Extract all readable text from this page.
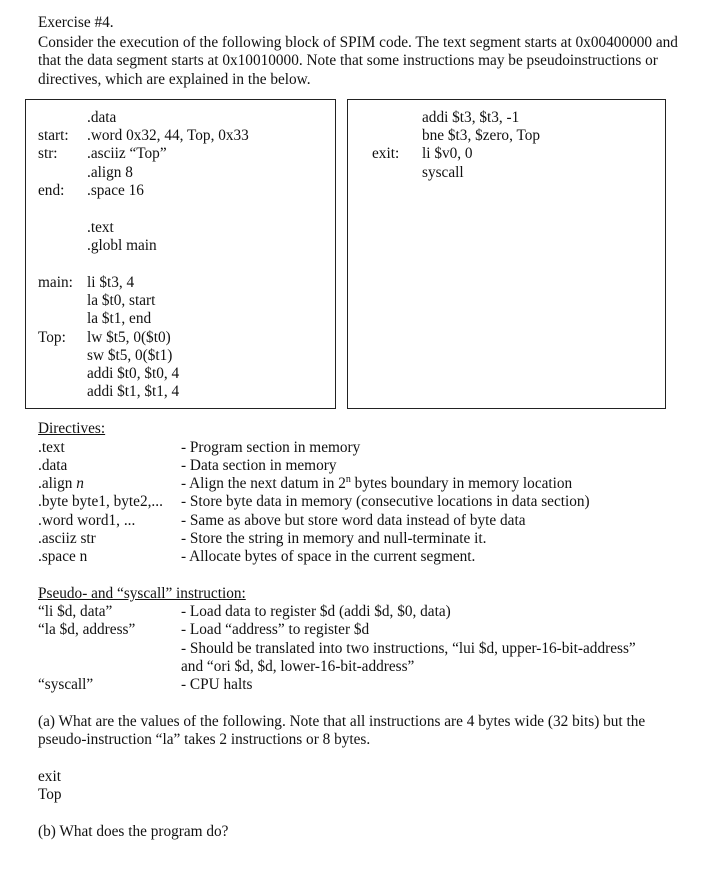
Exercise #4.
Consider the execution of the following block of SPIM code. The text segment starts at 0x00400000 and that the data segment starts at 0x10010000. Note that some instructions may be pseudoinstructions or directives, which are explained in the below.
.data
start: .word 0x32, 44, Top, 0x33
str: .asciiz “Top”
.align 8
end: .space 16
.text
.globl main
main: li $t3, 4
la $t0, start
la $t1, end
Top: lw $t5, 0($t0)
sw $t5, 0($t1)
addi $t0, $t0, 4
addi $t1, $t1, 4
addi $t3, $t3, -1
bne $t3, $zero, Top
exit: li $v0, 0
syscall
Directives:
.text	- Program section in memory
.data	- Data section in memory
.align n	- Align the next datum in 2$^n$ bytes boundary in memory location
.byte byte1, byte2,... - Store byte data in memory (consecutive locations in data section)
.word word1, ...	- Same as above but store word data instead of byte data
.asciiz str	- Store the string in memory and null-terminate it.
.space n	- Allocate bytes of space in the current segment.
Pseudo- and “syscall” instruction:
“li $d, data”	- Load data to register $d (addi $d, $0, data)
“la $d, address”	- Load “address” to register $d
- Should be translated into two instructions, “lui $d, upper-16-bit-address”
and “ori $d, $d, lower-16-bit-address”
“syscall”	- CPU halts
(a) What are the values of the following. Note that all instructions are 4 bytes wide (32 bits) but the pseudo-instruction “la” takes 2 instructions or 8 bytes.
exit
Top
(b) What does the program do?
